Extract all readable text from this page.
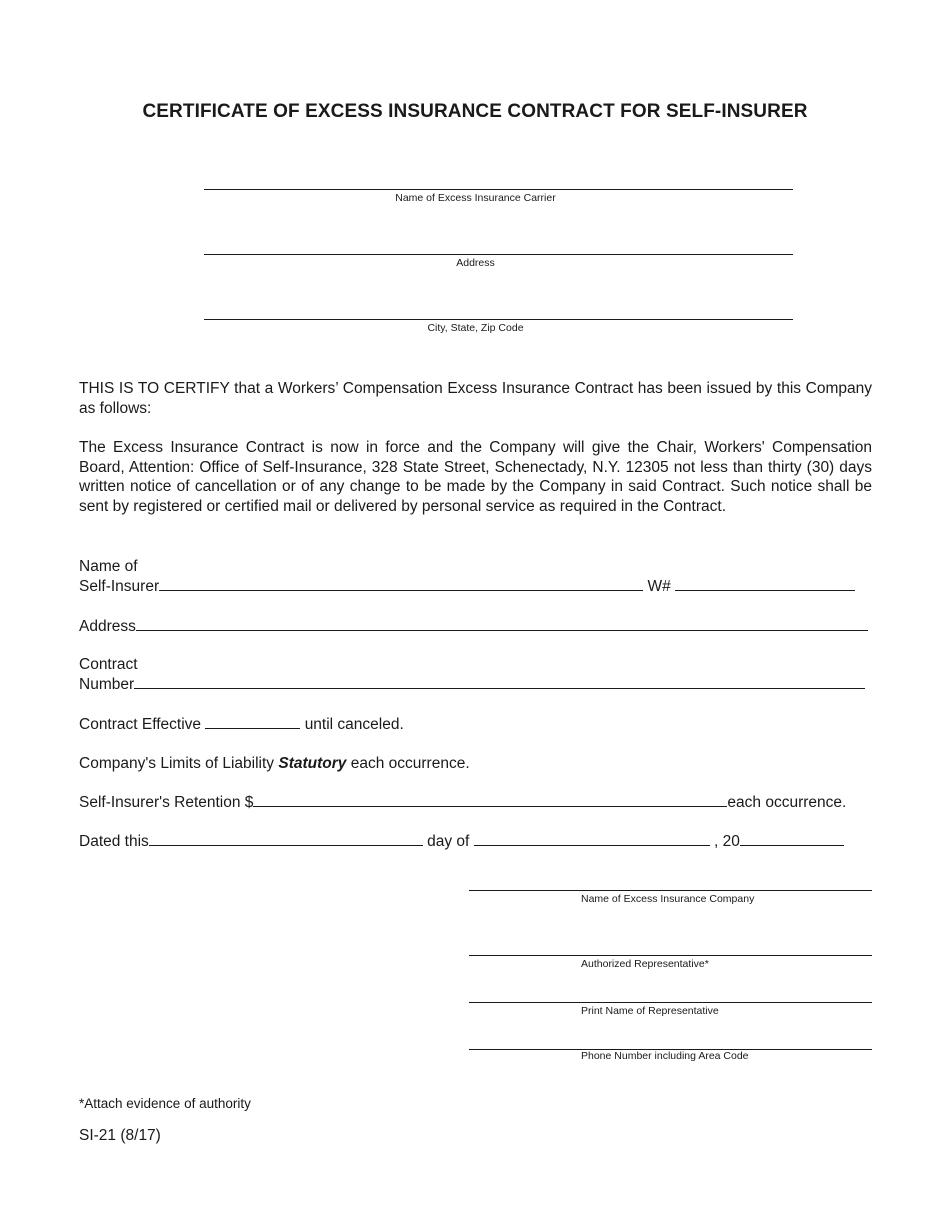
CERTIFICATE OF EXCESS INSURANCE CONTRACT FOR SELF-INSURER
Name of Excess Insurance Carrier
Address
City, State, Zip Code
THIS IS TO CERTIFY that a Workers’ Compensation Excess Insurance Contract has been issued by this Company as follows:
The Excess Insurance Contract is now in force and the Company will give the Chair, Workers' Compensation Board, Attention: Office of Self-Insurance, 328 State Street, Schenectady, N.Y. 12305 not less than thirty (30) days written notice of cancellation or of any change to be made by the Company in said Contract. Such notice shall be sent by registered or certified mail or delivered by personal service as required in the Contract.
Name of
Self-Insurer	W#
Address
Contract
Number
Contract Effective	until canceled.
Company's Limits of Liability Statutory each occurrence.
Self-Insurer's Retention $	each occurrence.
Dated this	day of	, 20
Name of Excess Insurance Company
Authorized Representative*
Print Name of Representative
Phone Number including Area Code
*Attach evidence of authority
SI-21 (8/17)
